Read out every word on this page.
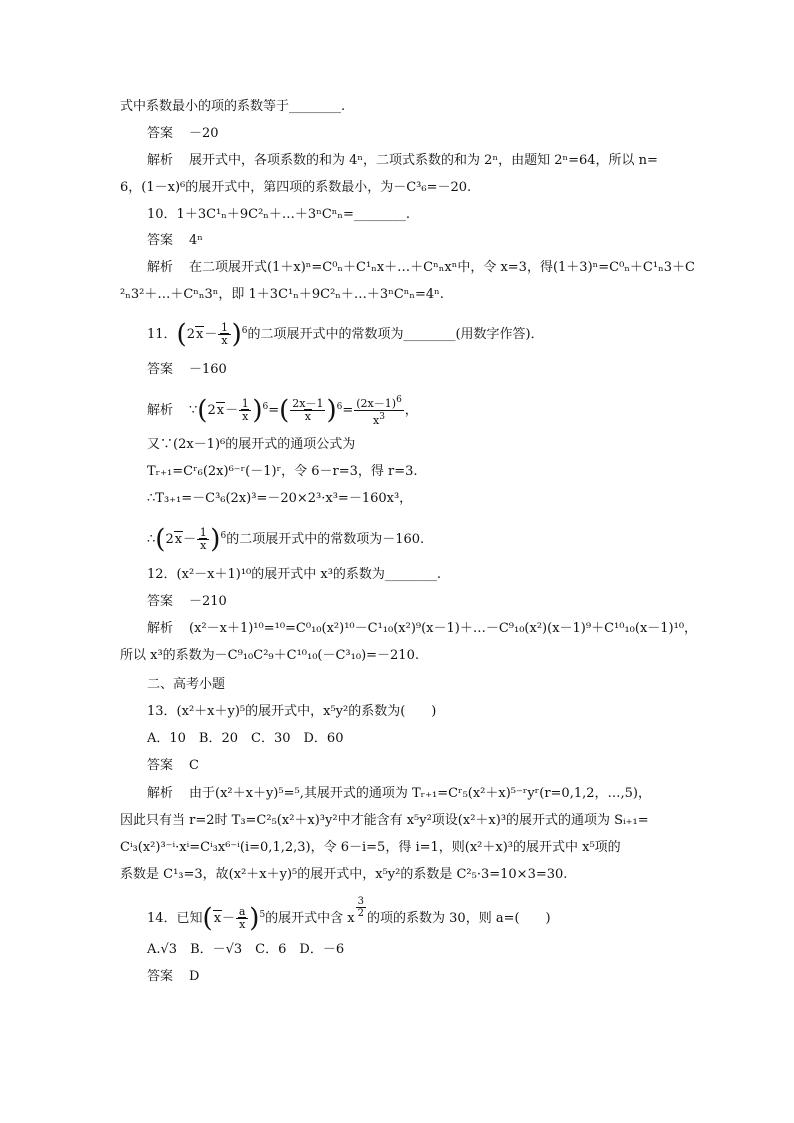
式中系数最小的项的系数等于________.
答案 －20
解析 展开式中，各项系数的和为 4ⁿ，二项式系数的和为 2ⁿ，由题知 2ⁿ=64，所以 n=
6，(1－x)⁶的展开式中，第四项的系数最小，为－C³₆=－20.
10．1＋3C¹ₙ＋9C²ₙ＋…＋3ⁿCⁿₙ=________.
答案 4ⁿ
解析 在二项展开式(1＋x)ⁿ=C⁰ₙ＋C¹ₙx＋…＋Cⁿₙxⁿ中，令 x=3，得(1＋3)ⁿ=C⁰ₙ＋C¹ₙ3＋C
²ₙ3²＋…＋Cⁿₙ3ⁿ，即 1＋3C¹ₙ＋9C²ₙ＋…＋3ⁿCⁿₙ=4ⁿ.
11．$(2x- \frac{1}{x} )^6$的二项展开式中的常数项为________(用数字作答)．
答案 －160
解析 ∵(2x－ $\frac{1}{x} )^6=( \frac{2x-1}{x} )^6= \frac{(2x-1)^6}{x^3}$ ，
又∵(2x－1)⁶的展开式的通项公式为
Tᵣ₊₁=Cʳ₆(2x)⁶⁻ʳ(－1)ʳ，令 6－r=3，得 r=3.
∴T₃₊₁=－C³₆(2x)³=－20×2³·x³=－160x³，
∴(2x－ $\frac{1}{x} )^6$的二项展开式中的常数项为－160.
12．(x²－x＋1)¹⁰的展开式中 x³的系数为________.
答案 －210
解析 (x²－x＋1)¹⁰=¹⁰=C⁰₁₀(x²)¹⁰－C¹₁₀(x²)⁹(x－1)＋…－C⁹₁₀(x²)(x－1)⁹＋C¹⁰₁₀(x－1)¹⁰，
所以 x³的系数为－C⁹₁₀C²₉＋C¹⁰₁₀(－C³₁₀)=－210.
二、高考小题
13．(x²＋x＋y)⁵的展开式中，x⁵y²的系数为(　　)
A．10　B．20　C．30　D．60
答案 C
解析 由于(x²＋x＋y)⁵=⁵,其展开式的通项为 Tᵣ₊₁=Cʳ₅(x²＋x)⁵⁻ʳyʳ(r=0,1,2，…,5)，
因此只有当 r=2时 T₃=C²₅(x²＋x)³y²中才能含有 x⁵y²项设(x²＋x)³的展开式的通项为 Sᵢ₊₁=
Cⁱ₃(x²)³⁻ⁱ·xⁱ=Cⁱ₃x⁶⁻ⁱ(i=0,1,2,3)，令 6－i=5，得 i=1，则(x²＋x)³的展开式中 x⁵项的
系数是 C¹₃=3，故(x²＋x＋y)⁵的展开式中，x⁵y²的系数是 C²₅·3=10×3=30.
14．已知$(x- \frac{a}{x} )^5$的展开式中含 x $\frac{3}{2}$ 的项的系数为 30，则 a=(　　)
A.√3　B．－√3　C．6　D．－6
答案 D
